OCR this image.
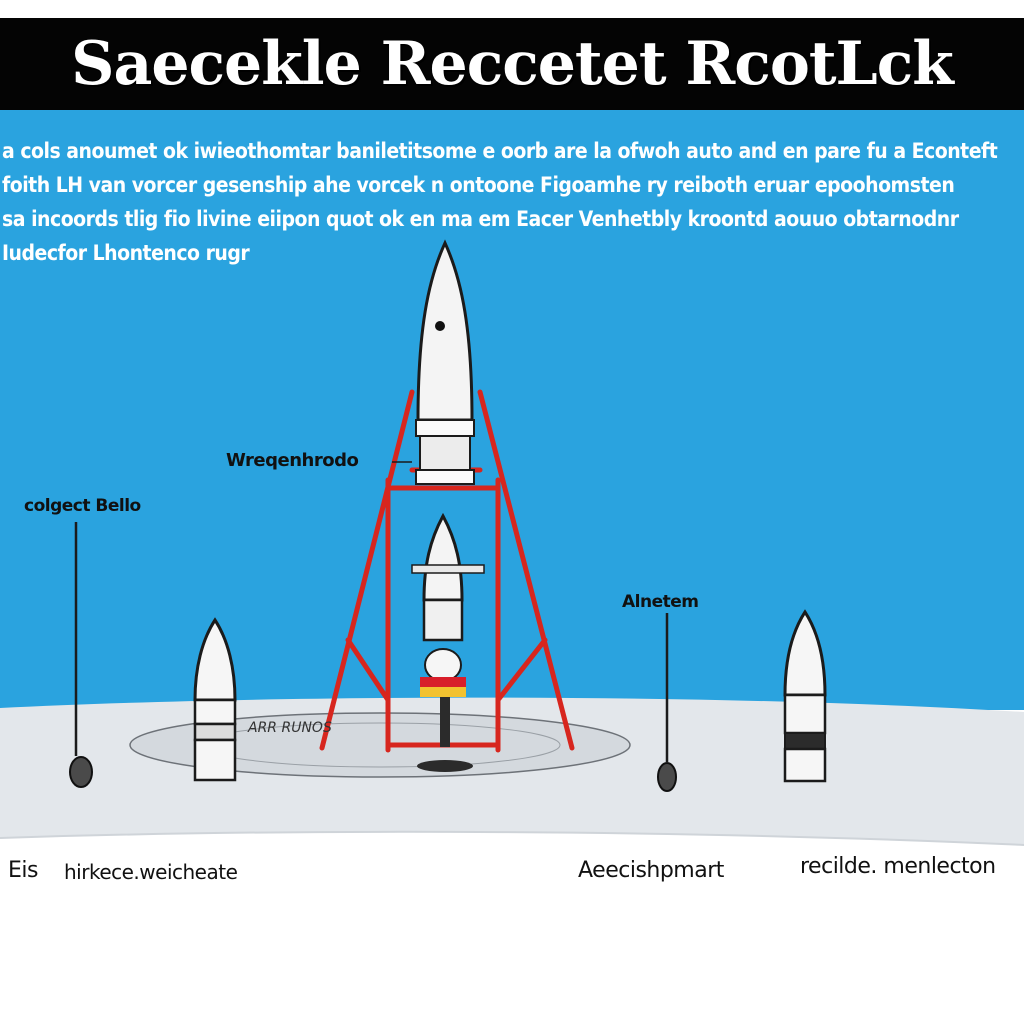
Saecekle Reccetet RcotLck
a cols anoumet ok iwieothomtar baniletitsome e oorb are la ofwoh auto and en pare fu a Econteft
foith LH van vorcer gesenship ahe vorcek n ontoone Figoamhe ry reiboth eruar epoohomsten
sa incoords tlig fio livine eiipon quot ok en ma em Eacer Venhetbly kroontd aouuo obtarnodnr
Iudecfor Lhontenco rugr
Wreqenhrodo
colgect Bello
Alnetem
ARR RUNOS
Eis hirkece.weicheate	Aeecishpmart	recilde. menlecton
